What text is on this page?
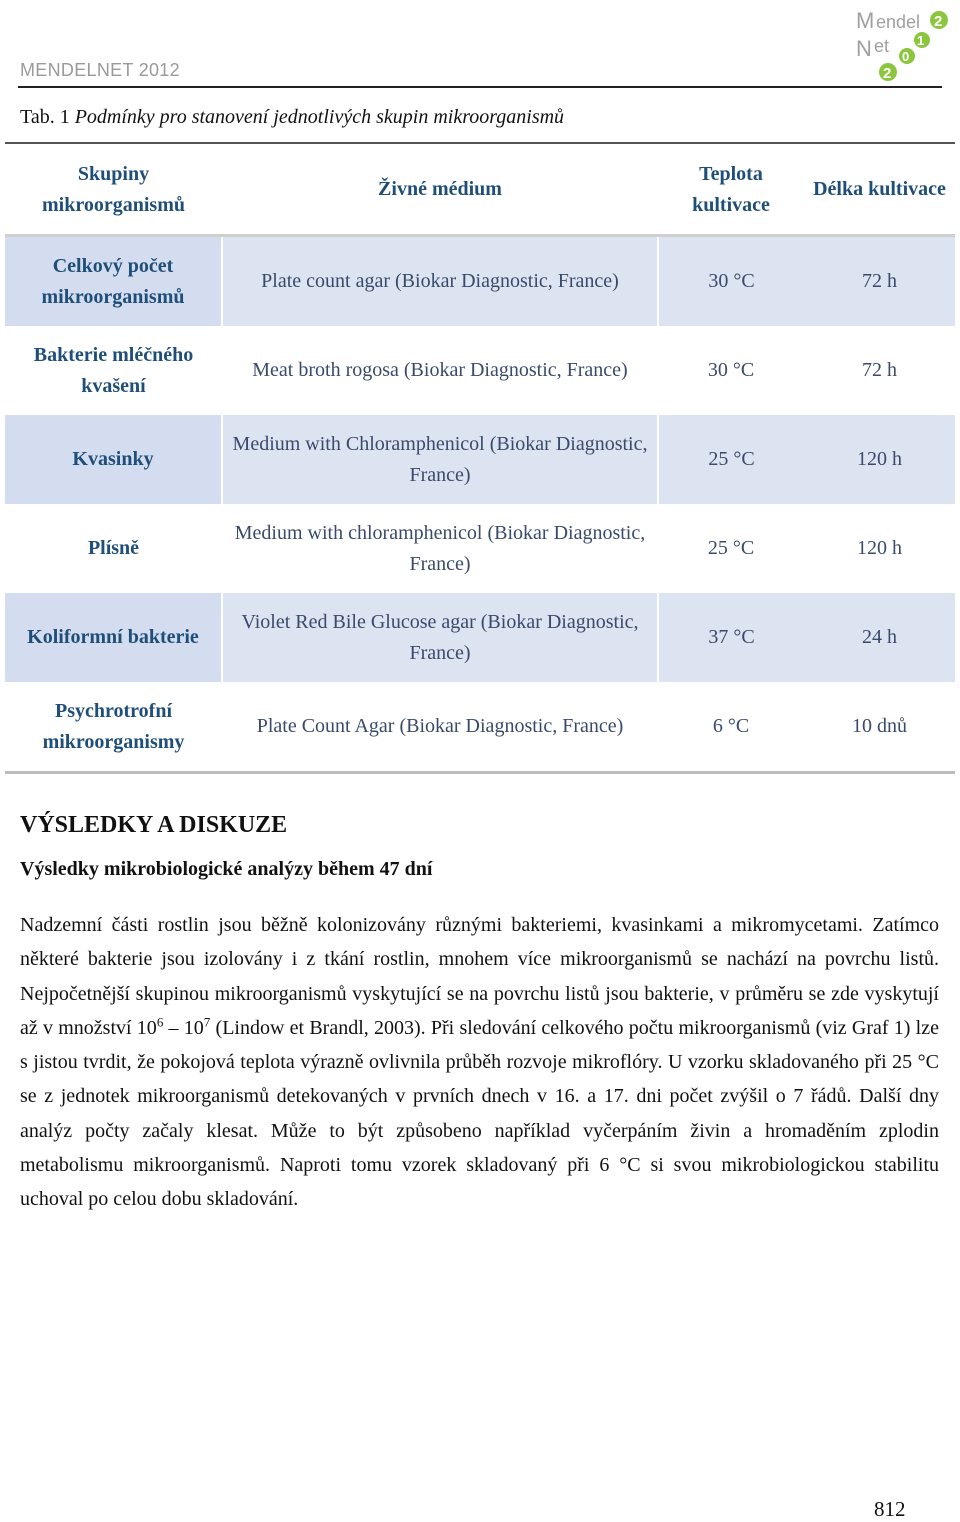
MENDELNET 2012

M endel
N et
2
1
0
2

Tab. 1 Podmínky pro stanovení jednotlivých skupin mikroorganismů

Skupiny mikroorganismů	Živné médium	Teplota kultivace	Délka kultivace
Celkový počet mikroorganismů	Plate count agar (Biokar Diagnostic, France)	30 °C	72 h
Bakterie mléčného kvašení	Meat broth rogosa (Biokar Diagnostic, France)	30 °C	72 h
Kvasinky	Medium with Chloramphenicol (Biokar Diagnostic, France)	25 °C	120 h
Plísně	Medium with chloramphenicol (Biokar Diagnostic, France)	25 °C	120 h
Koliformní bakterie	Violet Red Bile Glucose agar (Biokar Diagnostic, France)	37 °C	24 h
Psychrotrofní mikroorganismy	Plate Count Agar (Biokar Diagnostic, France)	6 °C	10 dnů
VÝSLEDKY A DISKUZE
Výsledky mikrobiologické analýzy během 47 dní

Nadzemní části rostlin jsou běžně kolonizovány různými bakteriemi, kvasinkami a mikromycetami. Zatímco některé bakterie jsou izolovány i z tkání rostlin, mnohem více mikroorganismů se nachází na povrchu listů. Nejpočetnější skupinou mikroorganismů vyskytující se na povrchu listů jsou bakterie, v průměru se zde vyskytují až v množství $10^6 - 10^7$ (Lindow et Brandl, 2003). Při sledování celkového počtu mikroorganismů (viz Graf 1) lze s jistou tvrdit, že pokojová teplota výrazně ovlivnila průběh rozvoje mikroflóry. U vzorku skladovaného při 25 °C se z jednotek mikroorganismů detekovaných v prvních dnech v 16. a 17. dni počet zvýšil o 7 řádů. Další dny analýz počty začaly klesat. Může to být způsobeno například vyčerpáním živin a hromaděním zplodin metabolismu mikroorganismů. Naproti tomu vzorek skladovaný při 6 °C si svou mikrobiologickou stabilitu uchoval po celou dobu skladování.

812
